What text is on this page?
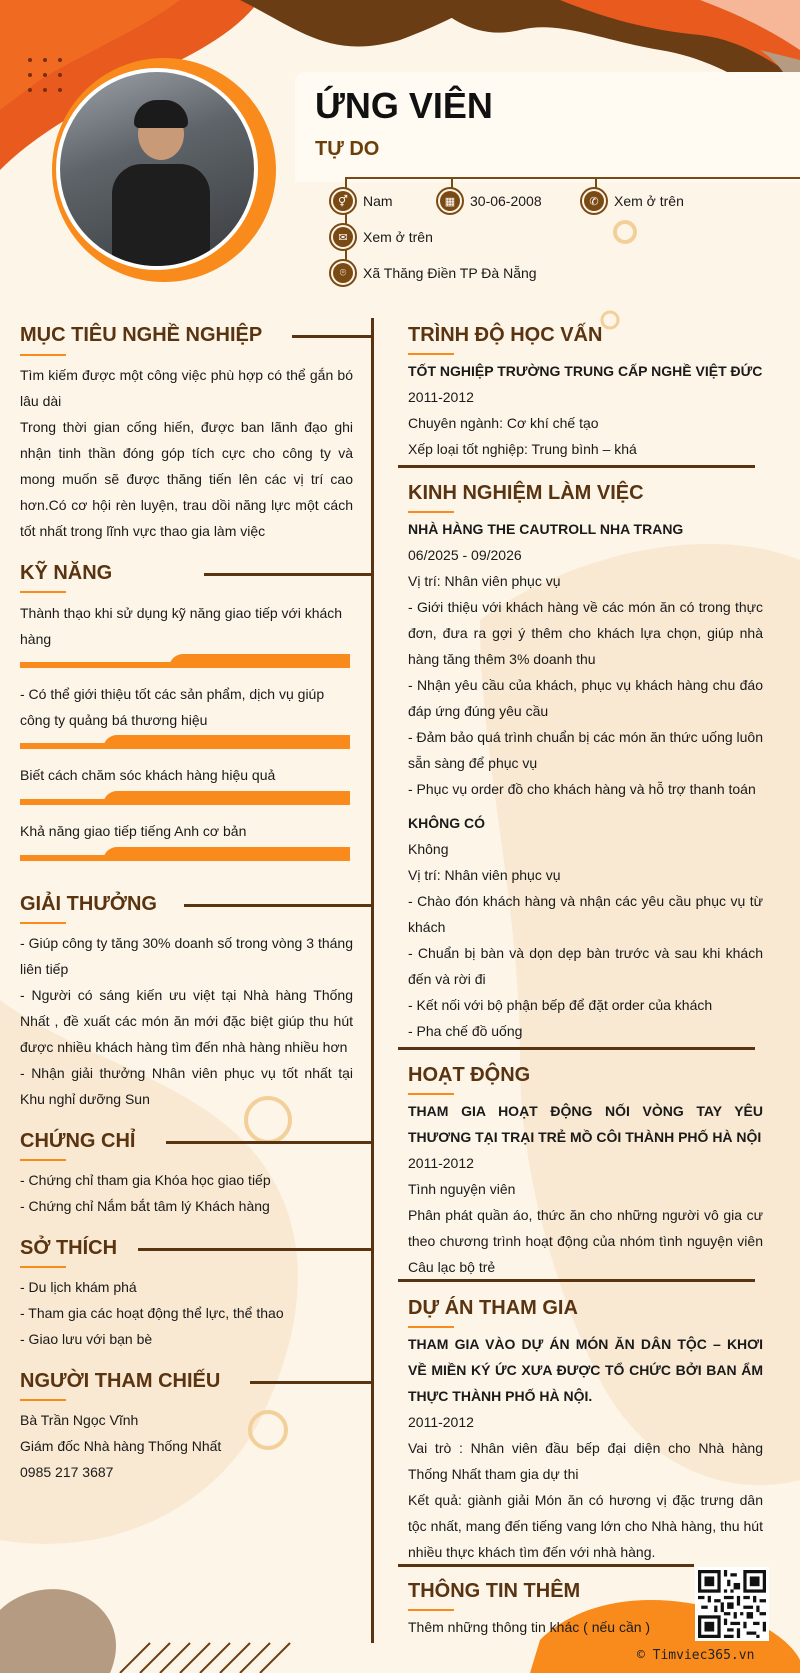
ỨNG VIÊN
TỰ DO
⚥	Nam	▦	30-06-2008	✆	Xem ở trên
✉	Xem ở trên
⌾	Xã Thăng Điền TP Đà Nẵng
MỤC TIÊU NGHỀ NGHIỆP

Tìm kiếm được một công việc phù hợp có thể gắn bó lâu dài

Trong thời gian cống hiến, được ban lãnh đạo ghi nhận tinh thần đóng góp tích cực cho công ty và mong muốn sẽ được thăng tiến lên các vị trí cao hơn.Có cơ hội rèn luyện, trau dồi năng lực một cách tốt nhất trong lĩnh vực thao gia làm việc

KỸ NĂNG
Thành thạo khi sử dụng kỹ năng giao tiếp với khách hàng
- Có thể giới thiệu tốt các sản phẩm, dịch vụ giúp công ty quảng bá thương hiệu
Biết cách chăm sóc khách hàng hiệu quả
Khả năng giao tiếp tiếng Anh cơ bản
GIẢI THƯỞNG

- Giúp công ty tăng 30% doanh số trong vòng 3 tháng liên tiếp

- Người có sáng kiến ưu việt tại Nhà hàng Thống Nhất , đề xuất các món ăn mới đặc biệt giúp thu hút được nhiều khách hàng tìm đến nhà hàng nhiều hơn

- Nhận giải thưởng Nhân viên phục vụ tốt nhất tại Khu nghỉ dưỡng Sun

CHỨNG CHỈ

- Chứng chỉ tham gia Khóa học giao tiếp

- Chứng chỉ Nắm bắt tâm lý Khách hàng

SỞ THÍCH

- Du lịch khám phá

- Tham gia các hoạt động thể lực, thể thao

- Giao lưu với bạn bè

NGƯỜI THAM CHIẾU

Bà Trần Ngọc Vĩnh

Giám đốc Nhà hàng Thống Nhất

0985 217 3687

TRÌNH ĐỘ HỌC VẤN

TỐT NGHIỆP TRƯỜNG TRUNG CẤP NGHỀ VIỆT ĐỨC

2011-2012

Chuyên ngành: Cơ khí chế tạo

Xếp loại tốt nghiệp: Trung bình – khá

KINH NGHIỆM LÀM VIỆC

NHÀ HÀNG THE CAUTROLL NHA TRANG

06/2025 - 09/2026

Vị trí: Nhân viên phục vụ

- Giới thiệu với khách hàng về các món ăn có trong thực đơn, đưa ra gợi ý thêm cho khách lựa chọn, giúp nhà hàng tăng thêm 3% doanh thu

- Nhận yêu cầu của khách, phục vụ khách hàng chu đáo đáp ứng đúng yêu cầu

- Đảm bảo quá trình chuẩn bị các món ăn thức uống luôn sẵn sàng để phục vụ

- Phục vụ order đồ cho khách hàng và hỗ trợ thanh toán

KHÔNG CÓ

Không

Vị trí: Nhân viên phục vụ

- Chào đón khách hàng và nhận các yêu cầu phục vụ từ khách

- Chuẩn bị bàn và dọn dẹp bàn trước và sau khi khách đến và rời đi

- Kết nối với bộ phận bếp để đặt order của khách

- Pha chế đồ uống

HOẠT ĐỘNG

THAM GIA HOẠT ĐỘNG NỐI VÒNG TAY YÊU THƯƠNG TẠI TRẠI TRẺ MỒ CÔI THÀNH PHỐ HÀ NỘI

2011-2012

Tình nguyện viên

Phân phát quần áo, thức ăn cho những người vô gia cư theo chương trình hoạt động của nhóm tình nguyện viên Câu lạc bộ trẻ

DỰ ÁN THAM GIA

THAM GIA VÀO DỰ ÁN MÓN ĂN DÂN TỘC – KHƠI VỀ MIỀN KÝ ỨC XƯA ĐƯỢC TỔ CHỨC BỞI BAN ẨM THỰC THÀNH PHỐ HÀ NỘI.

2011-2012

Vai trò : Nhân viên đầu bếp đại diện cho Nhà hàng Thống Nhất tham gia dự thi

Kết quả: giành giải Món ăn có hương vị đặc trưng dân tộc nhất, mang đến tiếng vang lớn cho Nhà hàng, thu hút nhiều thực khách tìm đến với nhà hàng.

THÔNG TIN THÊM
Thêm những thông tin khác ( nếu cần )
© Timviec365.vn
